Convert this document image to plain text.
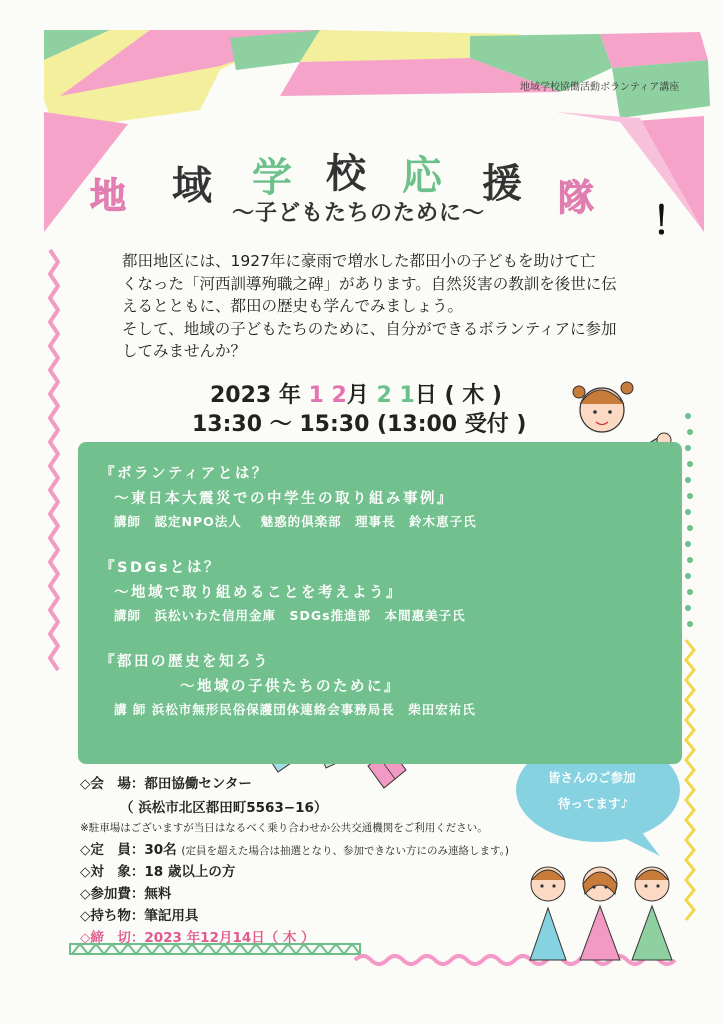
地域学校協働活動ボランティア講座
地 域 学 校 応 援 隊
〜子どもたちのために〜	！

都田地区には、1927年に豪雨で増水した都田小の子どもを助けて亡

くなった「河西訓導殉職之碑」があります。自然災害の教訓を後世に伝

えるとともに、都田の歴史も学んでみましょう。

そして、地域の子どもたちのために、自分ができるボランティアに参加

してみませんか？

2023 年 1 2月 2 1日 ( 木 )
13:30 〜 15:30 (13:00 受付 )
『ボランティアとは？
〜東日本大震災での中学生の取り組み事例』
講師　認定NPO法人　 魅惑的倶楽部　理事長　鈴木恵子氏
『SDGsとは？
〜地域で取り組めることを考えよう』
講師　浜松いわた信用金庫　SDGs推進部　本間惠美子氏
『都田の歴史を知ろう
〜地域の子供たちのために』
講 師 浜松市無形民俗保護団体連絡会事務局長　柴田宏祐氏
皆さんのご参加
待ってます♪
◇会　場：都田協働センター
（ 浜松市北区都田町5563−16）
※駐車場はございますが当日はなるべく乗り合わせか公共交通機関をご利用ください。
◇定　員：30名 (定員を超えた場合は抽選となり、参加できない方にのみ連絡します。)
◇対　象：18 歳以上の方
◇参加費：無料
◇持ち物：筆記用具
◇締　切：2023 年12月14日（ 木 ）
